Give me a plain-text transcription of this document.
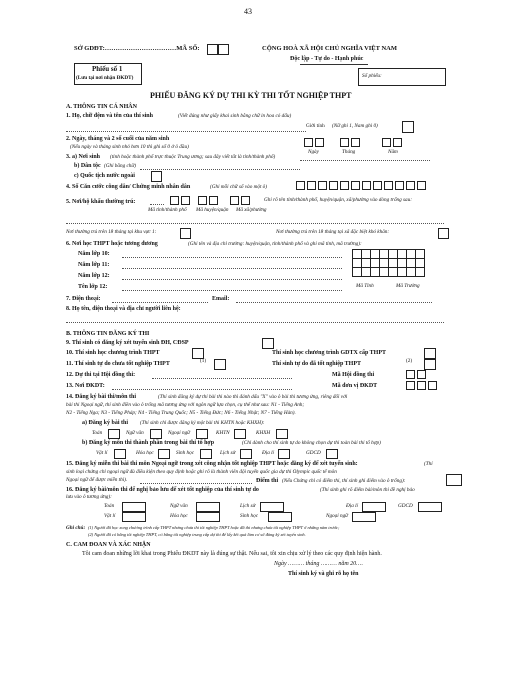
43
SỞ GDĐT:……………………………MÃ SỐ:	CỘNG HOÀ XÃ HỘI CHỦ NGHĨA VIỆT NAM
Độc lập - Tự do - Hạnh phúc
Phiếu số 1
(Lưu tại nơi nhận ĐKDT)	Số phiếu:
PHIẾU ĐĂNG KÝ DỰ THI KỲ THI TỐT NGHIỆP THPT
A. THÔNG TIN CÁ NHÂN
1. Họ, chữ đệm và tên của thí sinh	(Viết đúng như giấy khai sinh bằng chữ in hoa có dấu)
Giới tính (Nữ ghi 1, Nam ghi 0)
2. Ngày, tháng và 2 số cuối của năm sinh
(Nếu ngày và tháng sinh nhỏ hơn 10 thì ghi số 0 ở ô đầu)
Ngày	Tháng	Năm
3. a) Nơi sinh (tỉnh hoặc thành phố trực thuộc Trung ương; sau đây viết tắt là tỉnh/thành phố)
b) Dân tộc (Ghi bằng chữ)
c) Quốc tịch nước ngoài
4. Số Căn cước công dân/ Chứng minh nhân dân	(Ghi mỗi chữ số vào một ô)
5. Nơi/hộ khẩu thường trú:	Ghi rõ tên tỉnh/thành phố, huyện/quận, xã/phường vào dòng trống sau:
Mã tỉnh/thành phố Mã huyện/quận Mã xã/phường
Nơi thường trú trên 18 tháng tại khu vực 1:	Nơi thường trú trên 18 tháng tại xã đặc biệt khó khăn:
6. Nơi học THPT hoặc tương đương	(Ghi tên và địa chỉ trường: huyện/quận, tỉnh/thành phố và ghi mã tỉnh, mã trường):
Năm lớp 10:
Năm lớp 11:
Năm lớp 12:
Tên lớp 12:

								Mã Tỉnh	Mã Trường
7. Điện thoại:	Email:
8. Họ tên, điện thoại và địa chỉ người liên hệ:
B. THÔNG TIN ĐĂNG KÝ THI
9. Thí sinh có đăng ký xét tuyển sinh ĐH, CĐSP
10. Thí sinh học chương trình THPT	Thí sinh học chương trình GDTX cấp THPT
11. Thí sinh tự do chưa tốt nghiệp THPT	(1)	Thí sinh tự do đã tốt nghiệp THPT	(2)
12. Dự thi tại Hội đồng thi:	Mã Hội đồng thi
13. Nơi ĐKDT:	Mã đơn vị ĐKDT
14. Đăng ký bài thi/môn thi	(Thí sinh đăng ký dự thi bài thi nào thì đánh dấu "X" vào ô bài thi tương ứng, riêng đối với
bài thi Ngoại ngữ, thí sinh điền vào ô trống mã tương ứng với ngôn ngữ lựa chọn, cụ thể như sau: N1 - Tiếng Anh;
N2 - Tiếng Nga; N3 - Tiếng Pháp; N4 - Tiếng Trung Quốc; N5 - Tiếng Đức; N6 - Tiếng Nhật; N7 - Tiếng Hàn).
a) Đăng ký bài thi (Thí sinh chỉ được đăng ký một bài thi KHTN hoặc KHXH):
Toán	Ngữ văn	Ngoại ngữ	KHTN	KHXH
b) Đăng ký môn thi thành phần trong bài thi tổ hợp	(Chỉ dành cho thí sinh tự do không chọn dự thi toàn bài thi tổ hợp)
Vật lí	Hóa học	Sinh học	Lịch sử	Địa lí	GDCD
15. Đăng ký miễn thi bài thi môn Ngoại ngữ trong xét công nhận tốt nghiệp THPT hoặc đăng ký để xét tuyển sinh:	(Thí
sinh loại chứng chỉ ngoại ngữ đủ điều kiện theo quy định hoặc ghi rõ là thành viên đội tuyển quốc gia dự thi Olympic quốc tế môn
Ngoại ngữ để được miễn thi).	Điểm thi (Nếu Chứng chỉ có điểm thi, thí sinh ghi điểm vào ô trống):
16. Đăng ký bài/môn thi để nghị bảo lưu để xét tốt nghiệp của thí sinh tự do	(Thí sinh ghi rõ điểm bài/môn thi đề nghị bảo
lưu vào ô tương ứng):
Toán	Ngữ văn	Lịch sử	Địa lí	GDCD
Vật lí	Hóa học	Sinh học	Ngoại ngữ
Ghi chú: (1) Người đã học xong chương trình cấp THPT nhưng chưa thi tốt nghiệp THPT hoặc đã thi nhưng chưa tốt nghiệp THPT ở những năm trước;
(2) Người đã có bằng tốt nghiệp THPT, có bằng tốt nghiệp trung cấp dự thi để lấy kết quả làm cơ sở đăng ký xét tuyển sinh.
C. CAM ĐOAN VÀ XÁC NHẬN
Tôi cam đoan những lời khai trong Phiếu ĐKDT này là đúng sự thật. Nếu sai, tôi xin chịu xử lý theo các quy định hiện hành.
Ngày ……… tháng ……… năm 20….
Thí sinh ký và ghi rõ họ tên
